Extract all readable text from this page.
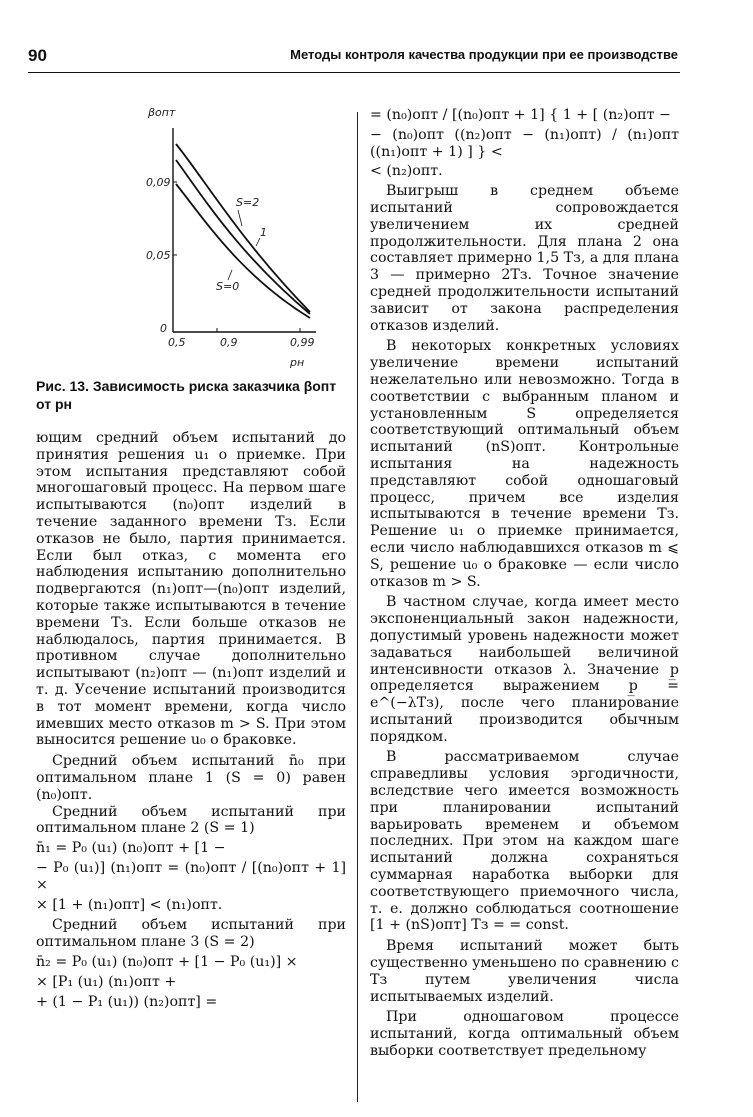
90	Методы контроля качества продукции при ее производстве
βопт
0,09
0,05
0
0,5	0,9	0,99
pн
S=2
1
S=0
Рис. 13. Зависимость риска заказчика βопт от pн

ющим средний объем испытаний до принятия решения u₁ о приемке. При этом испытания представляют собой многошаговый процесс. На первом шаге испытываются (n₀)опт изделий в течение заданного времени Tз. Если отказов не было, партия принимается. Если был отказ, с момента его наблюдения испытанию дополнительно подвергаются (n₁)опт—(n₀)опт изделий, которые также испытываются в течение времени Tз. Если больше отказов не наблюдалось, партия принимается. В противном случае дополнительно испытывают (n₂)опт — (n₁)опт изделий и т. д. Усечение испытаний производится в тот момент времени, когда число имевших место отказов m > S. При этом выносится решение u₀ о браковке.

Средний объем испытаний n̄₀ при оптимальном плане 1 (S = 0) равен (n₀)опт.

Средний объем испытаний при оптимальном плане 2 (S = 1)

n̄₁ = P₀ (u₁) (n₀)опт + [1 −

− P₀ (u₁)] (n₁)опт = (n₀)опт / [(n₀)опт + 1] ×

× [1 + (n₁)опт] < (n₁)опт.

Средний объем испытаний при оптимальном плане 3 (S = 2)

n̄₂ = P₀ (u₁) (n₀)опт + [1 − P₀ (u₁)] ×

× [P₁ (u₁) (n₁)опт +

+ (1 − P₁ (u₁)) (n₂)опт] =

= (n₀)опт / [(n₀)опт + 1] { 1 + [ (n₂)опт −

− (n₀)опт ((n₂)опт − (n₁)опт) / (n₁)опт ((n₁)опт + 1) ] } <

< (n₂)опт.

Выигрыш в среднем объеме испытаний сопровождается увеличением их средней продолжительности. Для плана 2 она составляет примерно 1,5 Tз, а для плана 3 — примерно 2Tз. Точное значение средней продолжительности испытаний зависит от закона распределения отказов изделий.

В некоторых конкретных условиях увеличение времени испытаний нежелательно или невозможно. Тогда в соответствии с выбранным планом и установленным S определяется соответствующий оптимальный объем испытаний (nS)опт. Контрольные испытания на надежность представляют собой одношаговый процесс, причем все изделия испытываются в течение времени Tз. Решение u₁ о приемке принимается, если число наблюдавшихся отказов m ⩽ S, решение u₀ о браковке — если число отказов m > S.

В частном случае, когда имеет место экспоненциальный закон надежности, допустимый уровень надежности может задаваться наибольшей величиной интенсивности отказов λ. Значение p̲ определяется выражением p̲ = e^(−λTз), после чего планирование испытаний производится обычным порядком.

В рассматриваемом случае справедливы условия эргодичности, вследствие чего имеется возможность при планировании испытаний варьировать временем и объемом последних. При этом на каждом шаге испытаний должна сохраняться суммарная наработка выборки для соответствующего приемочного числа, т. е. должно соблюдаться соотношение [1 + (nS)опт] Tз = = const.

Время испытаний может быть существенно уменьшено по сравнению с Tз путем увеличения числа испытываемых изделий.

При одношаговом процессе испытаний, когда оптимальный объем выборки соответствует предельному
